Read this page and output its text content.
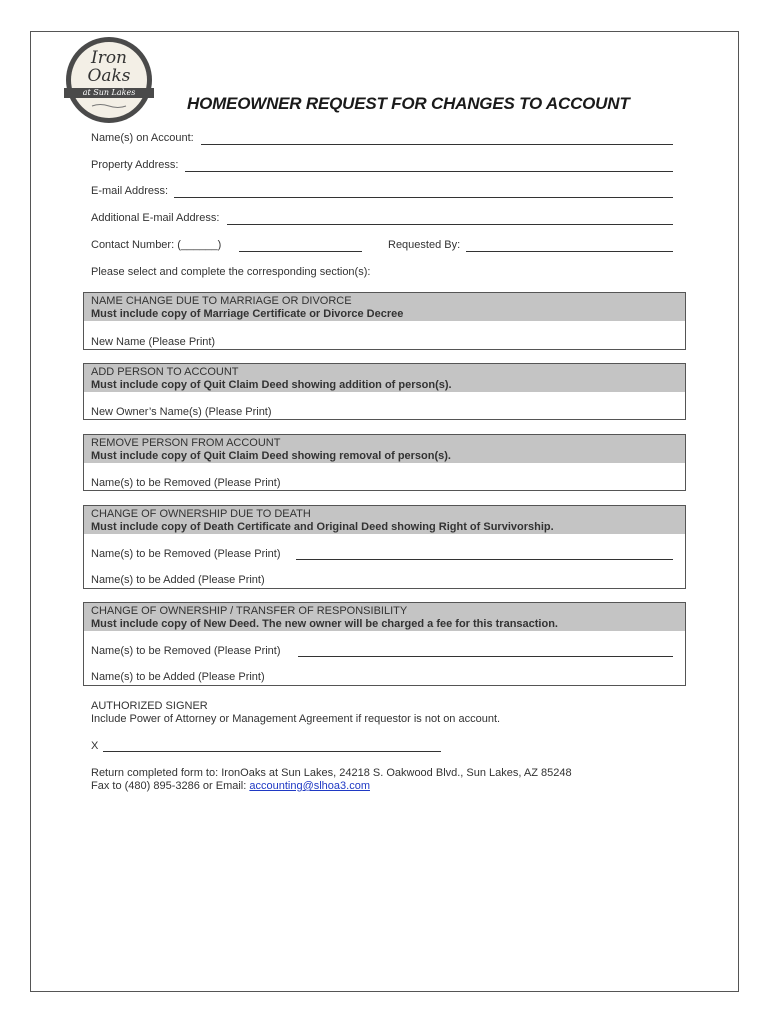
Iron
Oaks
at Sun Lakes
HOMEOWNER REQUEST FOR CHANGES TO ACCOUNT
Name(s) on Account:
Property Address:
E-mail Address:
Additional E-mail Address:
Contact Number: (______)	Requested By:
Please select and complete the corresponding section(s):
NAME CHANGE DUE TO MARRIAGE OR DIVORCE
Must include copy of Marriage Certificate or Divorce Decree
New Name (Please Print)
ADD PERSON TO ACCOUNT
Must include copy of Quit Claim Deed showing addition of person(s).
New Owner’s Name(s) (Please Print)
REMOVE PERSON FROM ACCOUNT
Must include copy of Quit Claim Deed showing removal of person(s).
Name(s) to be Removed (Please Print)
CHANGE OF OWNERSHIP DUE TO DEATH
Must include copy of Death Certificate and Original Deed showing Right of Survivorship.
Name(s) to be Removed (Please Print)
Name(s) to be Added (Please Print)
CHANGE OF OWNERSHIP / TRANSFER OF RESPONSIBILITY
Must include copy of New Deed. The new owner will be charged a fee for this transaction.
Name(s) to be Removed (Please Print)
Name(s) to be Added (Please Print)
AUTHORIZED SIGNER
Include Power of Attorney or Management Agreement if requestor is not on account.
X
Return completed form to: IronOaks at Sun Lakes, 24218 S. Oakwood Blvd., Sun Lakes, AZ 85248
Fax to (480) 895-3286 or Email: accounting@slhoa3.com
